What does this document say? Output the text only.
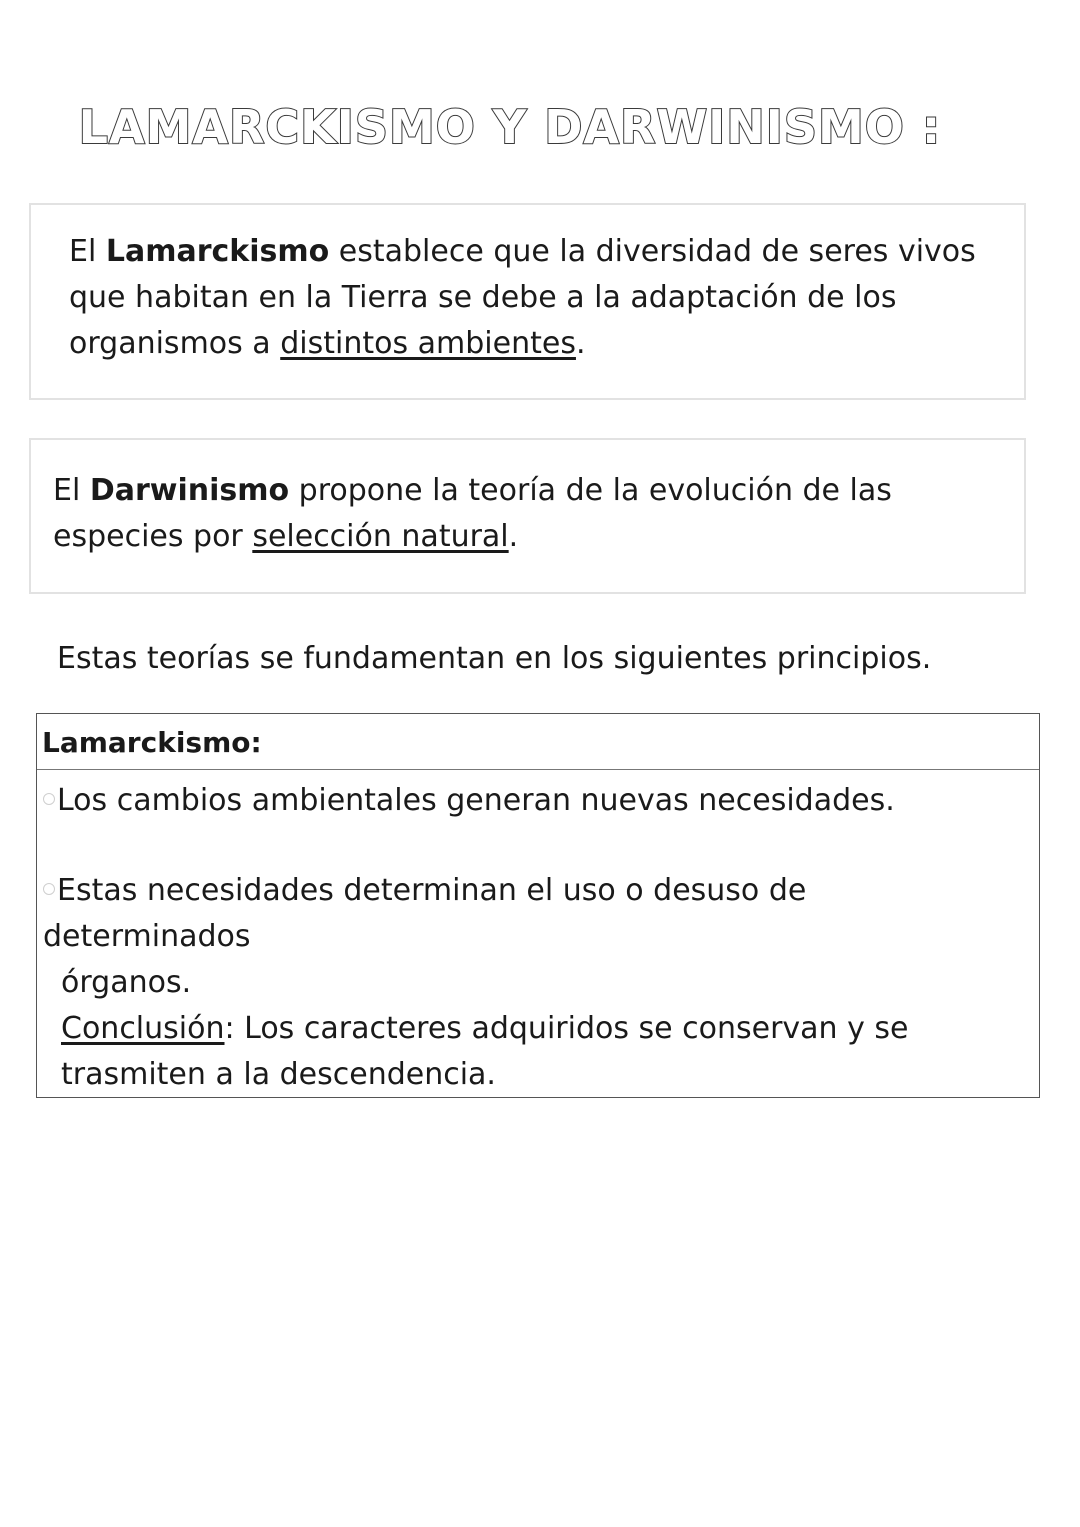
LAMARCKISMO Y DARWINISMO :
El Lamarckismo establece que la diversidad de seres vivos que habitan en la Tierra se debe a la adaptación de los organismos a distintos ambientes.
El Darwinismo propone la teoría de la evolución de las especies por selección natural.
Estas teorías se fundamentan en los siguientes principios.
Lamarckismo:
Los cambios ambientales generan nuevas necesidades.
Estas necesidades determinan el uso o desuso de determinados
órganos.
Conclusión: Los caracteres adquiridos se conservan y se trasmiten a la descendencia.
